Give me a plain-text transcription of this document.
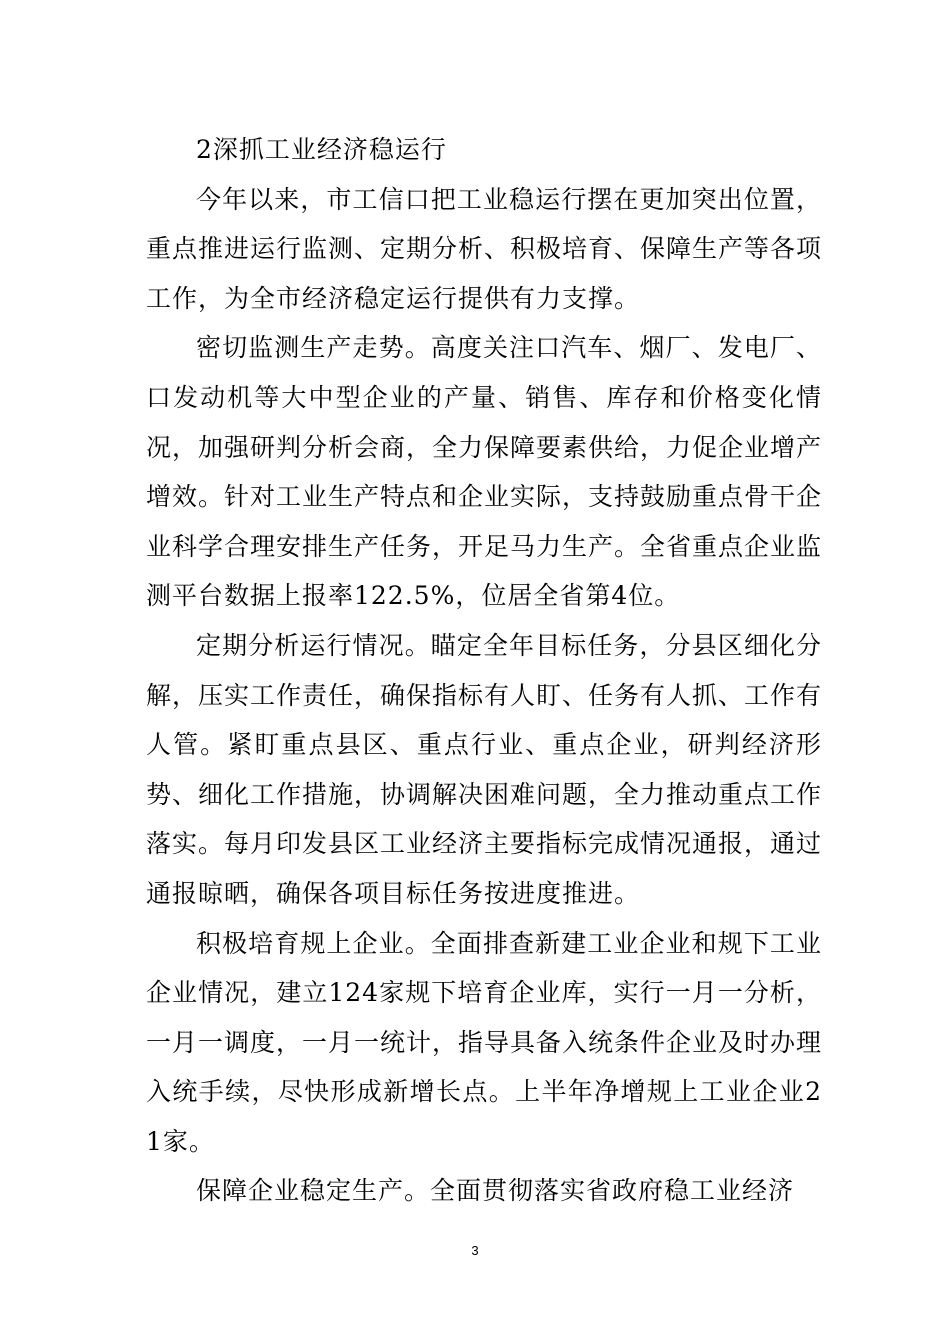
2深抓工业经济稳运行

今年以来，市工信口把工业稳运行摆在更加突出位置，重点推进运行监测、定期分析、积极培育、保障生产等各项工作，为全市经济稳定运行提供有力支撑。

密切监测生产走势。高度关注口汽车、烟厂、发电厂、口发动机等大中型企业的产量、销售、库存和价格变化情况，加强研判分析会商，全力保障要素供给，力促企业增产增效。针对工业生产特点和企业实际，支持鼓励重点骨干企业科学合理安排生产任务，开足马力生产。全省重点企业监测平台数据上报率122.5%，位居全省第4位。

定期分析运行情况。瞄定全年目标任务，分县区细化分解，压实工作责任，确保指标有人盯、任务有人抓、工作有人管。紧盯重点县区、重点行业、重点企业，研判经济形势、细化工作措施，协调解决困难问题，全力推动重点工作落实。每月印发县区工业经济主要指标完成情况通报，通过通报晾晒，确保各项目标任务按进度推进。

积极培育规上企业。全面排查新建工业企业和规下工业企业情况，建立124家规下培育企业库，实行一月一分析，一月一调度，一月一统计，指导具备入统条件企业及时办理入统手续，尽快形成新增长点。上半年净增规上工业企业21家。

保障企业稳定生产。全面贯彻落实省政府稳工业经济

3
